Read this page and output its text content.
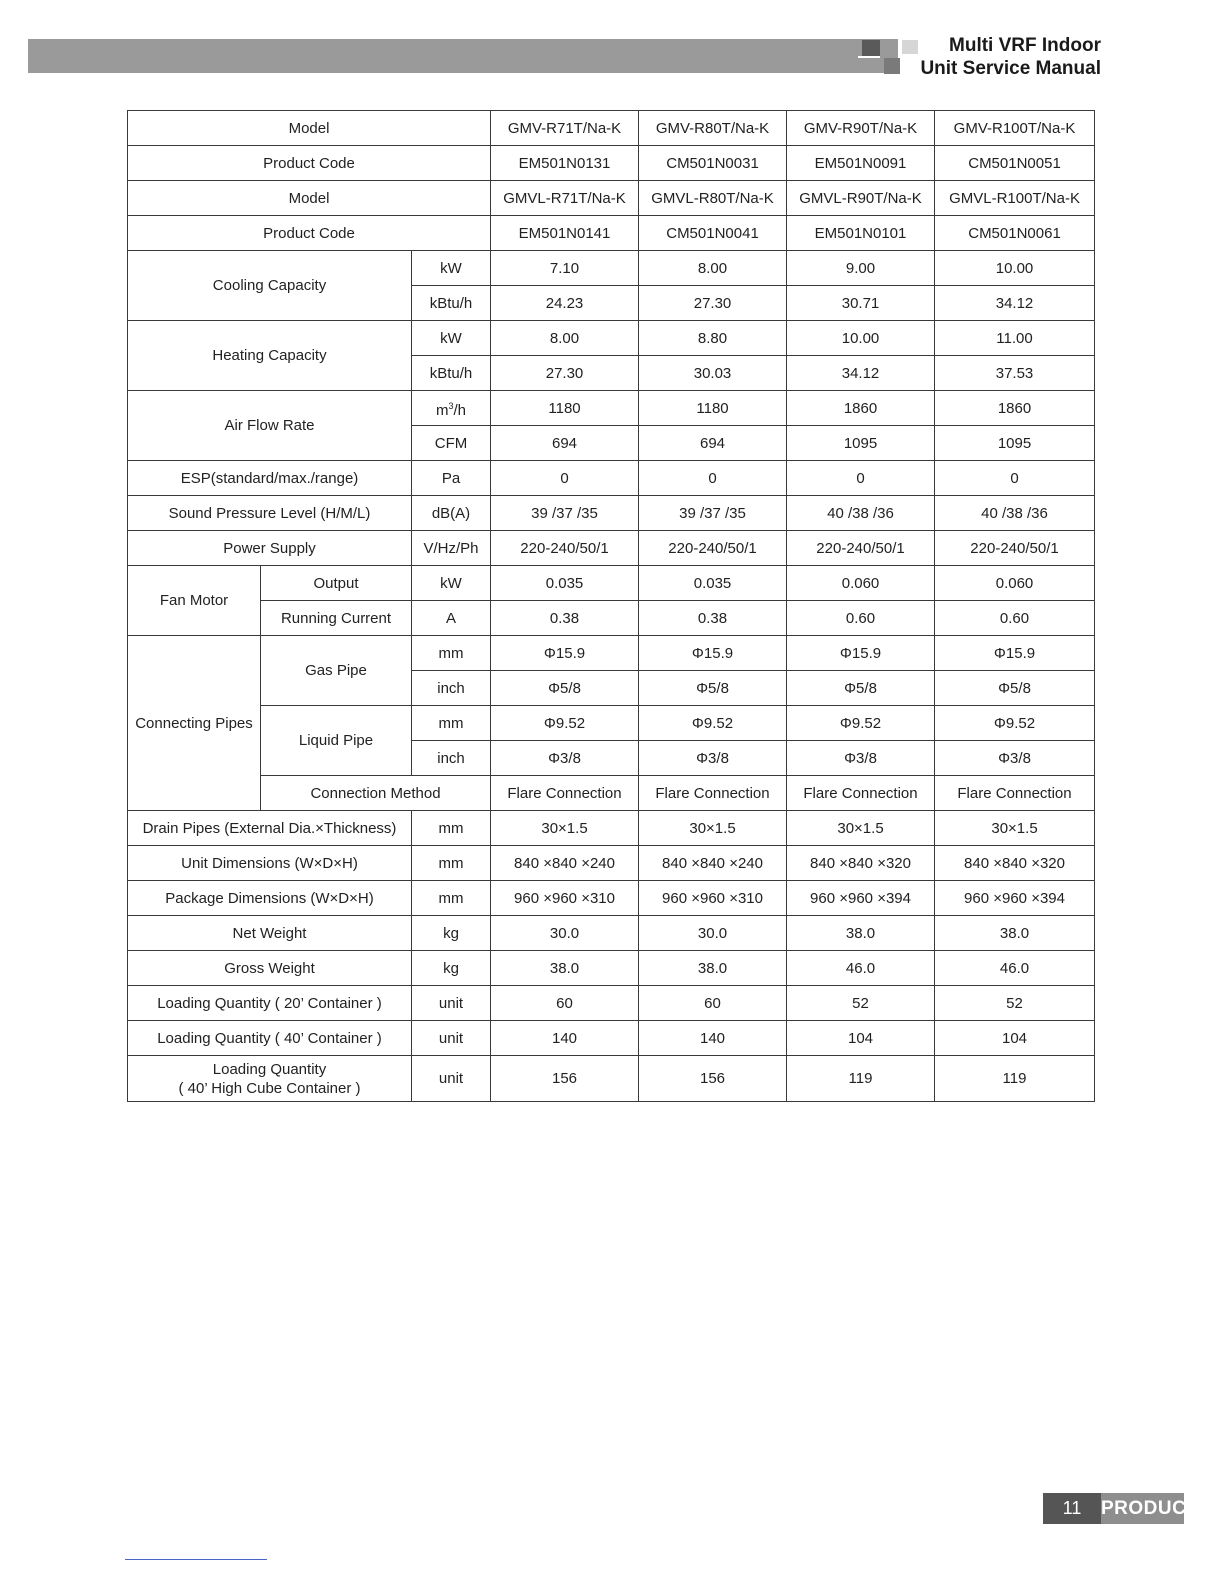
Multi VRF Indoor
Unit Service Manual
Model			GMV-R71T/Na-K	GMV-R80T/Na-K	GMV-R90T/Na-K	GMV-R100T/Na-K
Product Code			EM501N0131	CM501N0031	EM501N0091	CM501N0051
Model			GMVL-R71T/Na-K	GMVL-R80T/Na-K	GMVL-R90T/Na-K	GMVL-R100T/Na-K
Product Code			EM501N0141	CM501N0041	EM501N0101	CM501N0061
Cooling Capacity		kW	7.10	8.00	9.00	10.00
		kBtu/h	24.23	27.30	30.71	34.12
Heating Capacity		kW	8.00	8.80	10.00	11.00
		kBtu/h	27.30	30.03	34.12	37.53
Air Flow Rate		$m^3/h$	1180	1180	1860	1860
		CFM	694	694	1095	1095
ESP(standard/max./range)		Pa	0	0	0	0
Sound Pressure Level (H/M/L)		dB(A)	39 /37 /35	39 /37 /35	40 /38 /36	40 /38 /36
Power Supply		V/Hz/Ph	220-240/50/1	220-240/50/1	220-240/50/1	220-240/50/1
Fan Motor	Output	kW	0.035	0.035	0.060	0.060
	Running Current	A	0.38	0.38	0.60	0.60
Connecting Pipes	Gas Pipe	mm	Φ15.9	Φ15.9	Φ15.9	Φ15.9
		inch	Φ5/8	Φ5/8	Φ5/8	Φ5/8
	Liquid Pipe	mm	Φ9.52	Φ9.52	Φ9.52	Φ9.52
		inch	Φ3/8	Φ3/8	Φ3/8	Φ3/8
	Connection Method		Flare Connection	Flare Connection	Flare Connection	Flare Connection
Drain Pipes (External Dia.×Thickness)		mm	30×1.5	30×1.5	30×1.5	30×1.5
Unit Dimensions (W×D×H)		mm	840 ×840 ×240	840 ×840 ×240	840 ×840 ×320	840 ×840 ×320
Package Dimensions (W×D×H)		mm	960 ×960 ×310	960 ×960 ×310	960 ×960 ×394	960 ×960 ×394
Net Weight		kg	30.0	30.0	38.0	38.0
Gross Weight		kg	38.0	38.0	46.0	46.0
Loading Quantity ( 20’ Container )		unit	60	60	52	52
Loading Quantity ( 40’ Container )		unit	140	140	104	104

Loading Quantity
( 40’ High Cube Container )		unit	156	156	119	119
11	PRODUCT
